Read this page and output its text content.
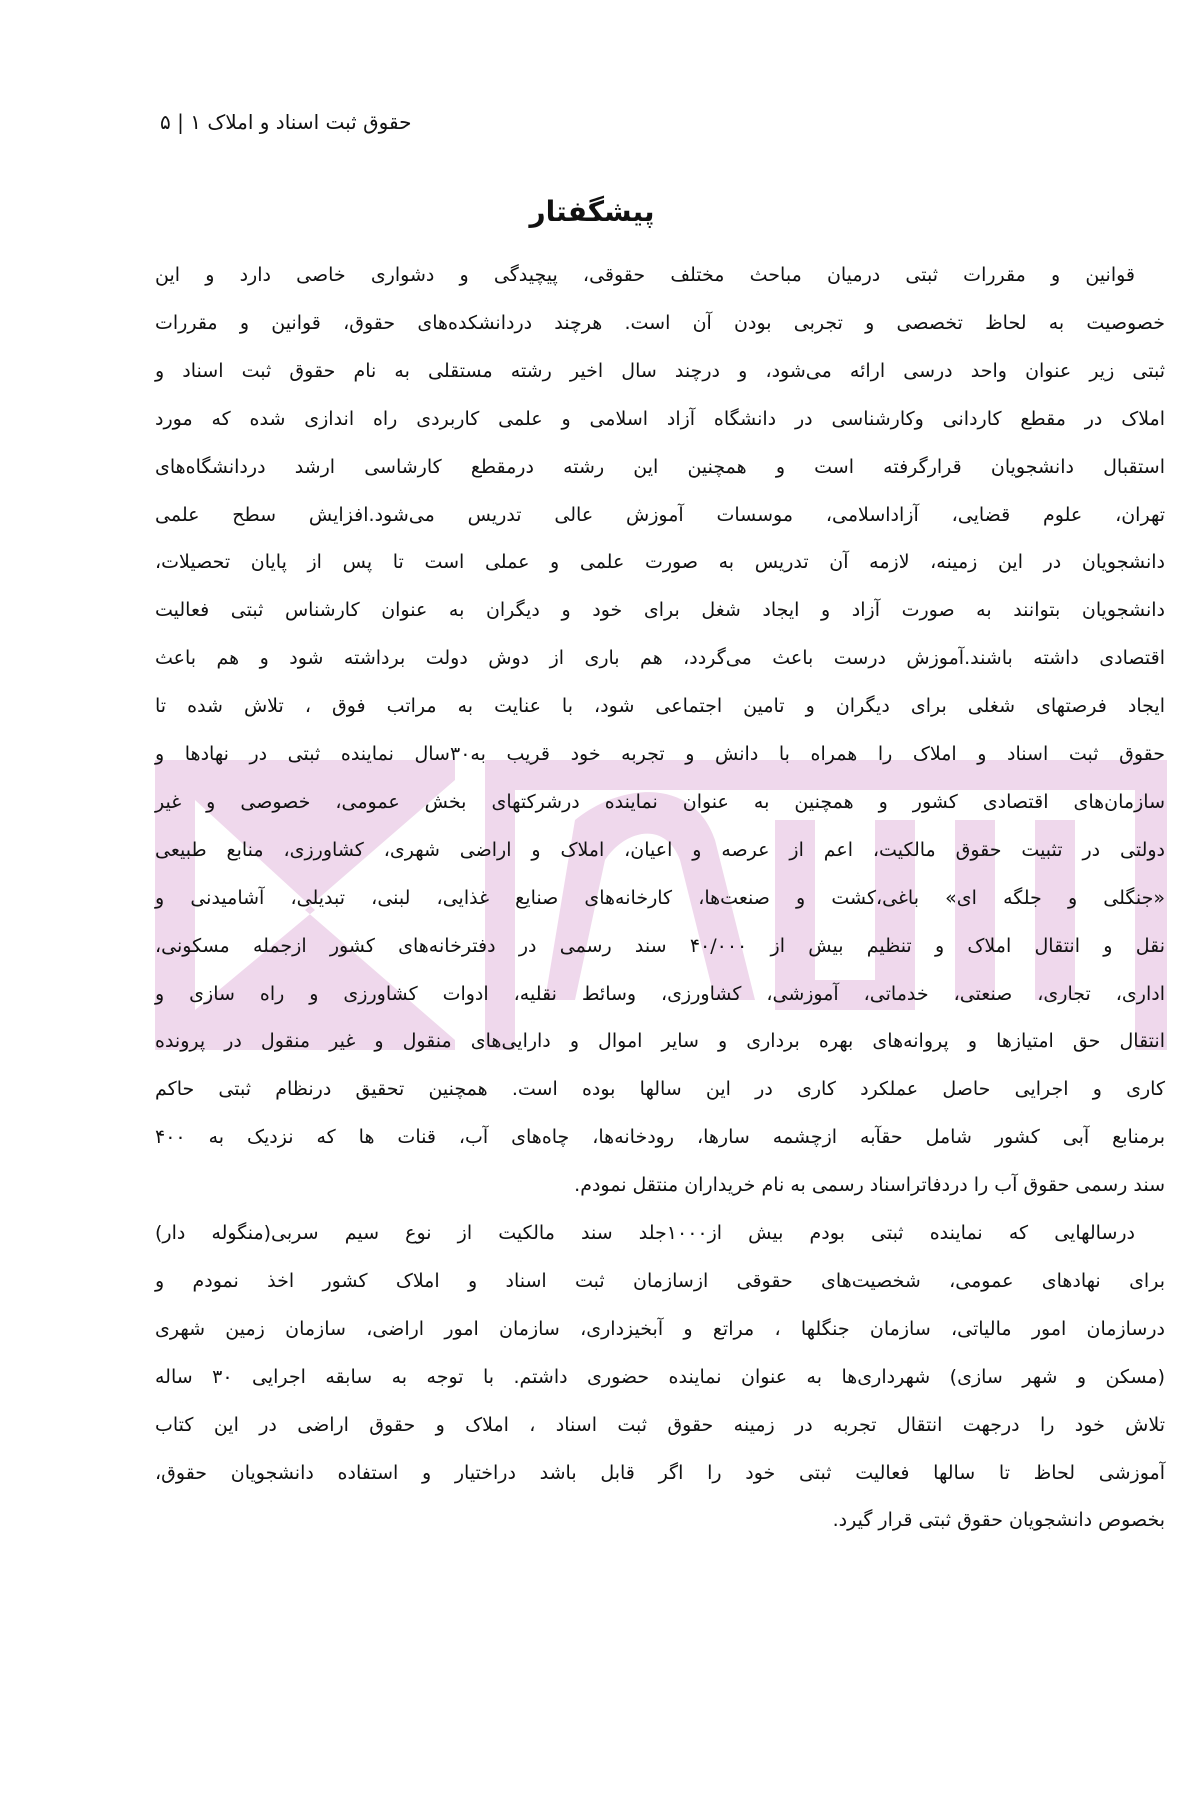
حقوق ثبت اسناد و املاک ۱ | ۵
پیشگفتار
قوانین و مقررات ثبتی درمیان مباحث مختلف حقوقی، پیچیدگی و دشواری خاصی دارد و این
خصوصیت به لحاظ تخصصی و تجربی بودن آن است. هرچند دردانشکده‌های حقوق، قوانین و مقررات
ثبتی زیر عنوان واحد درسی ارائه می‌شود، و درچند سال اخیر رشته مستقلی به نام حقوق ثبت اسناد و
املاک در مقطع کاردانی وکارشناسی در دانشگاه آزاد اسلامی و علمی کاربردی راه اندازی شده که مورد
استقبال دانشجویان قرارگرفته است و همچنین این رشته درمقطع کارشاسی ارشد دردانشگاه‌های
تهران، علوم قضایی، آزاداسلامی، موسسات آموزش عالی تدریس می‌شود.افزایش سطح علمی
دانشجویان در این زمینه، لازمه آن تدریس به صورت علمی و عملی است تا پس از پایان تحصیلات،
دانشجویان بتوانند به صورت آزاد و ایجاد شغل برای خود و دیگران به عنوان کارشناس ثبتی فعالیت
اقتصادی داشته باشند.آموزش درست باعث می‌گردد، هم باری از دوش دولت برداشته شود و هم باعث
ایجاد فرصتهای شغلی برای دیگران و تامین اجتماعی شود، با عنایت به مراتب فوق ، تلاش شده تا
حقوق ثبت اسناد و املاک را همراه با دانش و تجربه خود قریب به۳۰سال نماینده ثبتی در نهادها و
سازمان‌های اقتصادی کشور و همچنین به عنوان نماینده درشرکتهای بخش عمومی، خصوصی و غیر
دولتی در تثبیت حقوق مالکیت، اعم از عرصه و اعیان، املاک و اراضی شهری، کشاورزی، منابع طبیعی
«جنگلی و جلگه ای» باغی،کشت و صنعت‌ها، کارخانه‌های صنایع غذایی، لبنی، تبدیلی، آشامیدنی و
نقل و انتقال املاک و تنظیم بیش از ۴۰/۰۰۰ سند رسمی در دفترخانه‌های کشور ازجمله مسکونی،
اداری، تجاری، صنعتی، خدماتی، آموزشی، کشاورزی، وسائط نقلیه، ادوات کشاورزی و راه سازی و
انتقال حق امتیازها و پروانه‌های بهره برداری و سایر اموال و دارایی‌های منقول و غیر منقول در پرونده
کاری و اجرایی حاصل عملکرد کاری در این سالها بوده است. همچنین تحقیق درنظام ثبتی حاکم
برمنابع آبی کشور شامل حقآبه ازچشمه سارها، رودخانه‌ها، چاه‌های آب، قنات ها که نزدیک به ۴۰۰
سند رسمی حقوق آب را دردفاتراسناد رسمی به نام خریداران منتقل نمودم.
درسالهایی که نماینده ثبتی بودم بیش از۱۰۰۰جلد سند مالکیت از نوع سیم سربی(منگوله دار)
برای نهادهای عمومی، شخصیت‌های حقوقی ازسازمان ثبت اسناد و املاک کشور اخذ نمودم و
درسازمان امور مالیاتی، سازمان جنگلها ، مراتع و آبخیزداری، سازمان امور اراضی، سازمان زمین شهری
(مسکن و شهر سازی) شهرداری‌ها به عنوان نماینده حضوری داشتم. با توجه به سابقه اجرایی ۳۰ ساله
تلاش خود را درجهت انتقال تجربه در زمینه حقوق ثبت اسناد ، املاک و حقوق اراضی در این کتاب
آموزشی لحاظ تا سالها فعالیت ثبتی خود را اگر قابل باشد دراختیار و استفاده دانشجویان حقوق،
بخصوص دانشجویان حقوق ثبتی قرار گیرد.
